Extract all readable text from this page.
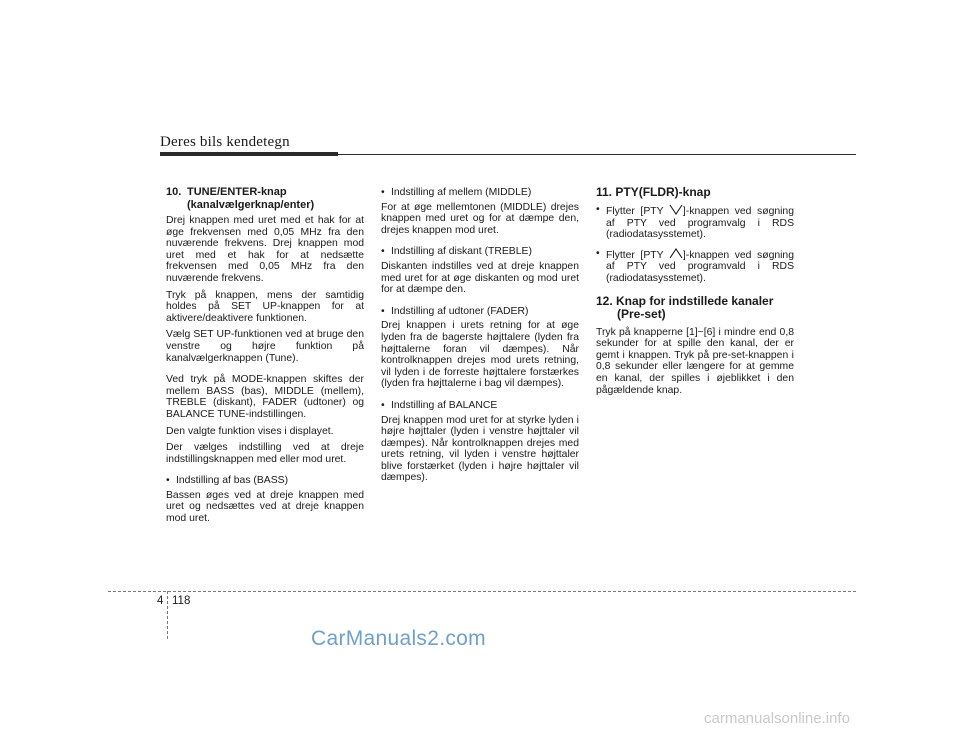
Deres bils kendetegn
10. TUNE/ENTER-knap
(kanalvælgerknap/enter)

Drej knappen med uret med et hak for at øge frekvensen med 0,05 MHz fra den nuværende frekvens. Drej knappen mod uret med et hak for at nedsætte frekvensen med 0,05 MHz fra den nuværende frekvens.

Tryk på knappen, mens der samtidig holdes på SET UP-knappen for at aktivere/deaktivere funktionen.

Vælg SET UP-funktionen ved at bruge den venstre og højre funktion på kanalvælgerknappen (Tune).

Ved tryk på MODE-knappen skiftes der mellem BASS (bas), MIDDLE (mellem), TREBLE (diskant), FADER (udtoner) og BALANCE TUNE-indstillingen.

Den valgte funktion vises i displayet.

Der vælges indstilling ved at dreje indstillingsknappen med eller mod uret.

• Indstilling af bas (BASS)

Bassen øges ved at dreje knappen med uret og nedsættes ved at dreje knappen mod uret.

• Indstilling af mellem (MIDDLE)

For at øge mellemtonen (MIDDLE) drejes knappen med uret og for at dæmpe den, drejes knappen mod uret.

• Indstilling af diskant (TREBLE)

Diskanten indstilles ved at dreje knappen med uret for at øge diskanten og mod uret for at dæmpe den.

• Indstilling af udtoner (FADER)

Drej knappen i urets retning for at øge lyden fra de bagerste højttalere (lyden fra højttalerne foran vil dæmpes). Når kontrolknappen drejes mod urets retning, vil lyden i de forreste højttalere forstærkes (lyden fra højttalerne i bag vil dæmpes).

• Indstilling af BALANCE

Drej knappen mod uret for at styrke lyden i højre højttaler (lyden i venstre højttaler vil dæmpes). Når kontrolknappen drejes med urets retning, vil lyden i venstre højttaler blive forstærket (lyden i højre højttaler vil dæmpes).

11. PTY(FLDR)-knap
• Flytter [PTY ]-knappen ved søgning af PTY ved programvalg i RDS (radiodatasysstemet).
• Flytter [PTY ]-knappen ved søgning af PTY ved programvald i RDS (radiodatasysstemet).
12. Knap for indstillede kanaler
(Pre-set)

Tryk på knapperne [1]~[6] i mindre end 0,8 sekunder for at spille den kanal, der er gemt i knappen. Tryk på pre-set-knappen i 0,8 sekunder eller længere for at gemme en kanal, der spilles i øjeblikket i den pågældende knap.

4 118
CarManuals2.com
carmanualsonline.info
